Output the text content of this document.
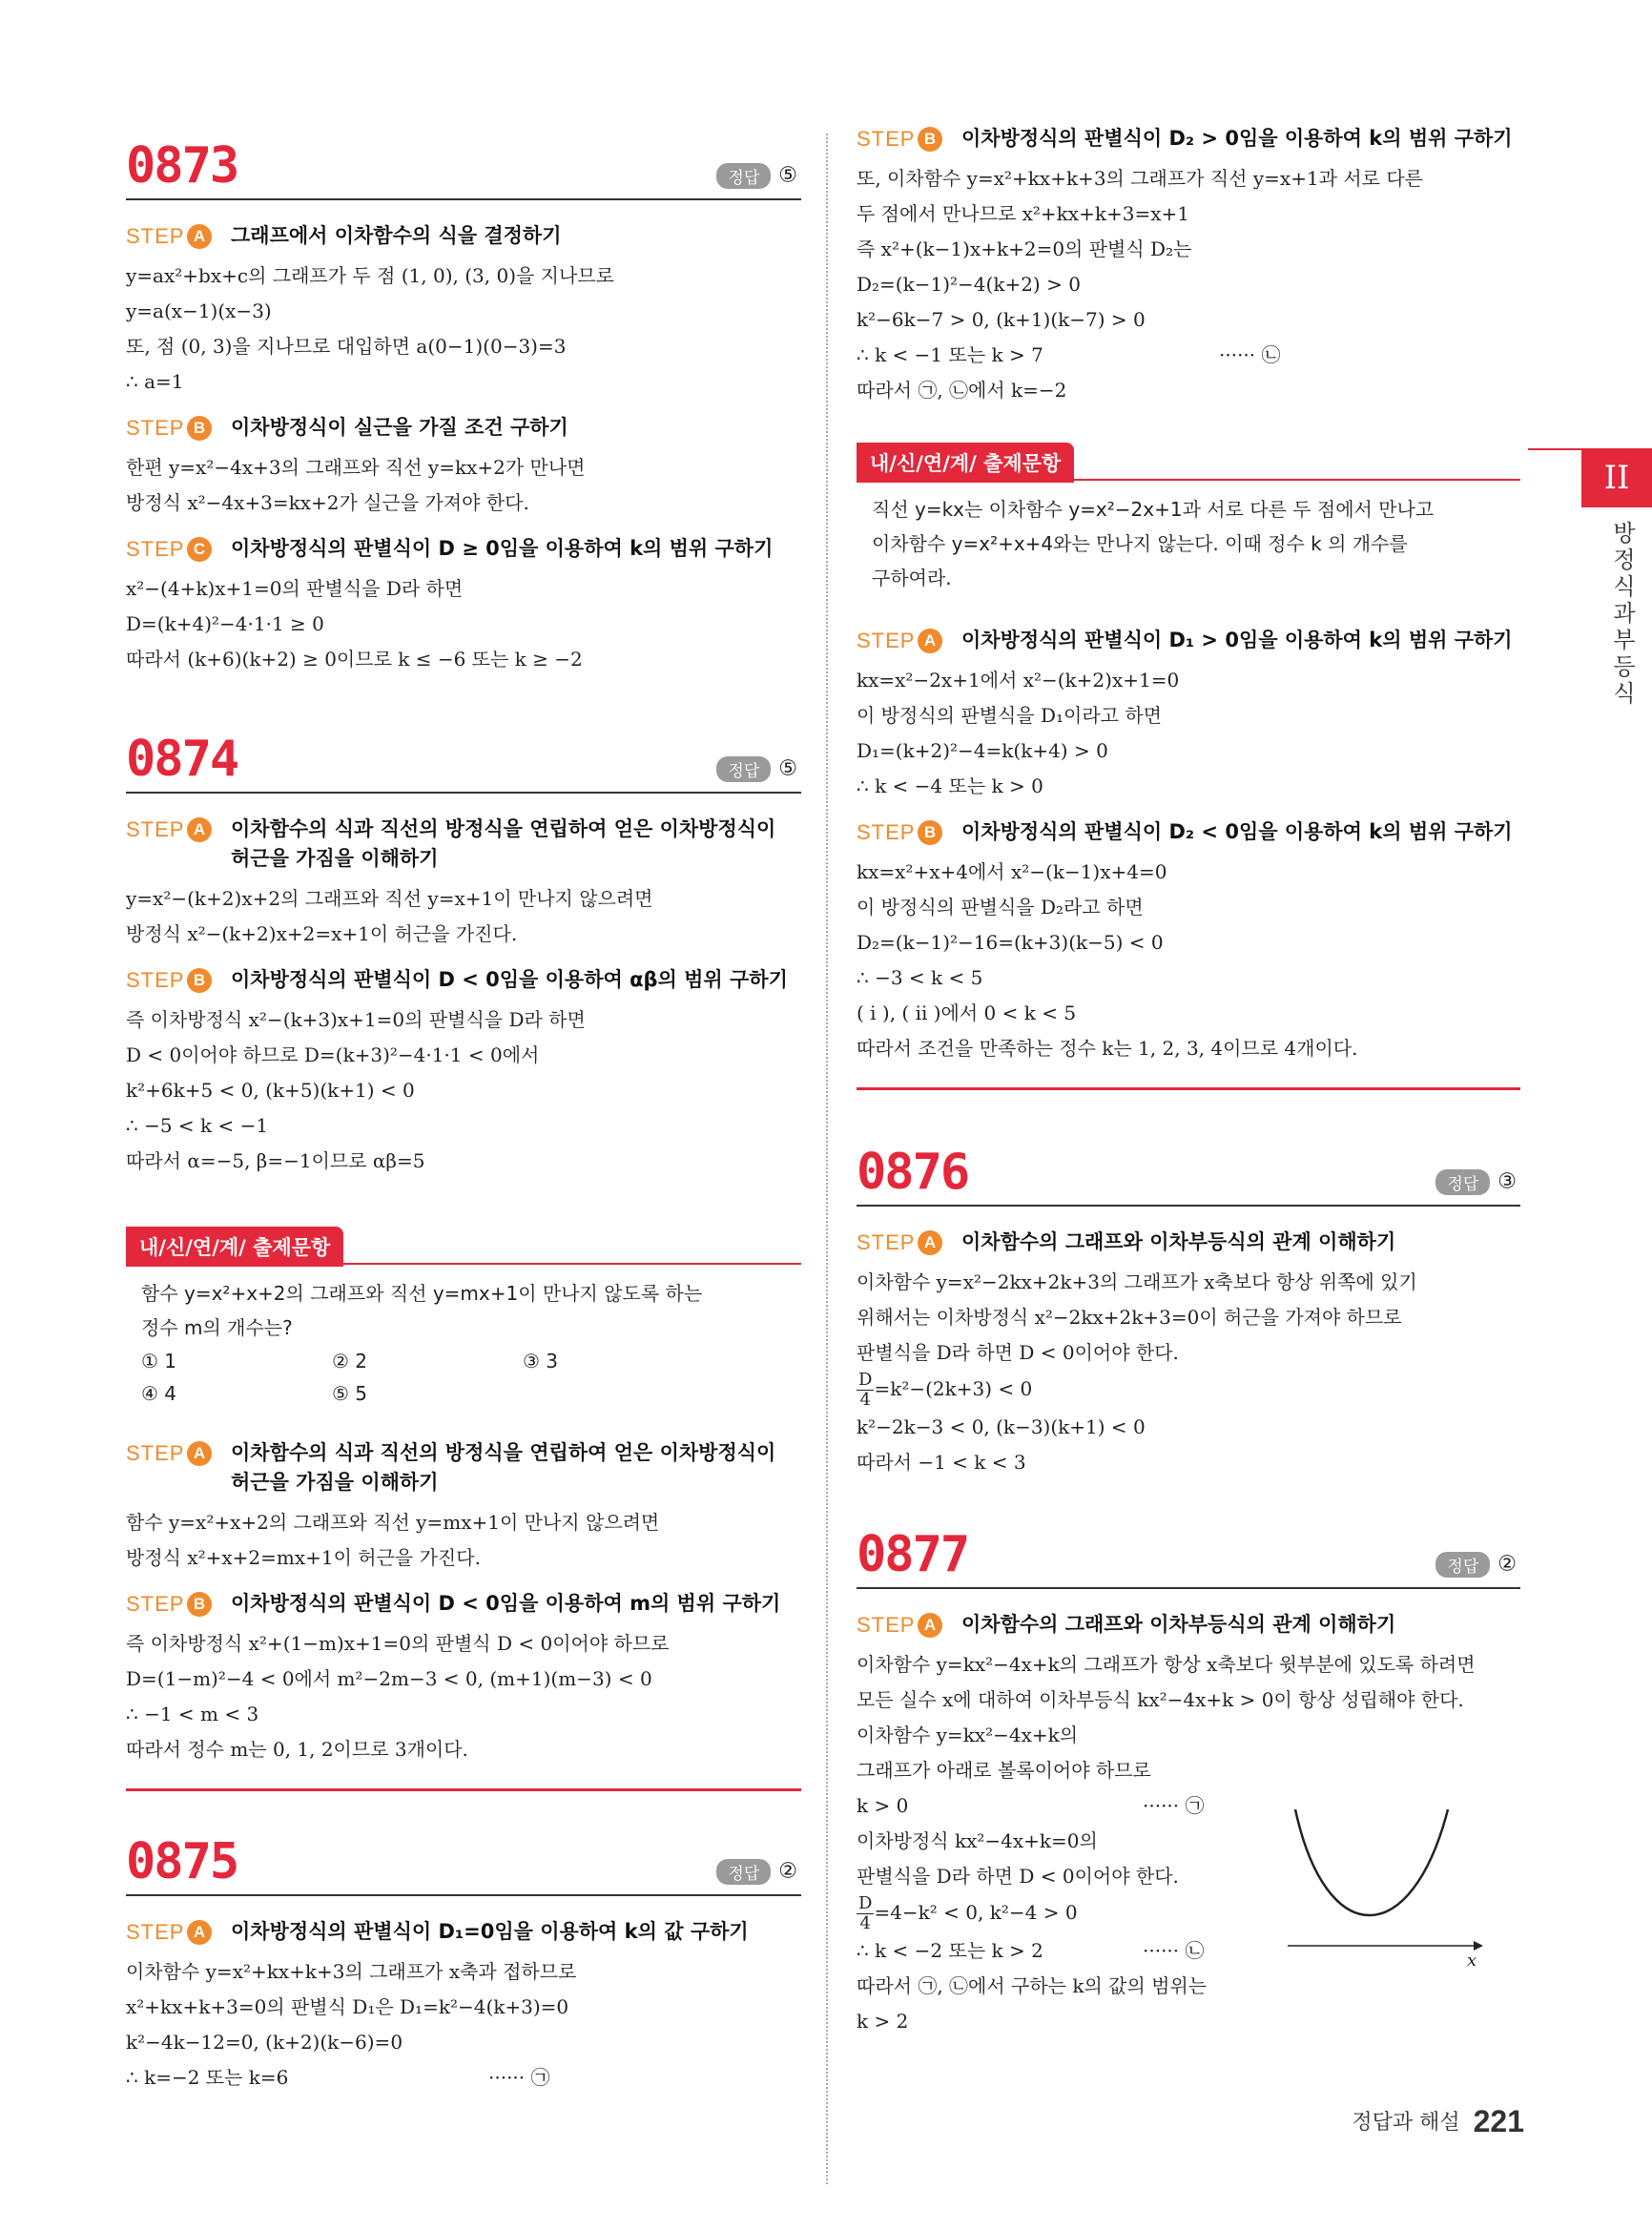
II
방정식과 부등식
0873	정답 ⑤
STEP A	그래프에서 이차함수의 식을 결정하기
y=ax²+bx+c의 그래프가 두 점 (1, 0), (3, 0)을 지나므로
y=a(x−1)(x−3)
또, 점 (0, 3)을 지나므로 대입하면 a(0−1)(0−3)=3
∴ a=1
STEP B	이차방정식이 실근을 가질 조건 구하기
한편 y=x²−4x+3의 그래프와 직선 y=kx+2가 만나면
방정식 x²−4x+3=kx+2가 실근을 가져야 한다.
STEP C	이차방정식의 판별식이 D ≥ 0임을 이용하여 k의 범위 구하기
x²−(4+k)x+1=0의 판별식을 D라 하면
D=(k+4)²−4·1·1 ≥ 0
따라서 (k+6)(k+2) ≥ 0이므로 k ≤ −6 또는 k ≥ −2
0874	정답 ⑤
STEP A	이차함수의 식과 직선의 방정식을 연립하여 얻은 이차방정식이 허근을 가짐을 이해하기
y=x²−(k+2)x+2의 그래프와 직선 y=x+1이 만나지 않으려면
방정식 x²−(k+2)x+2=x+1이 허근을 가진다.
STEP B	이차방정식의 판별식이 D < 0임을 이용하여 αβ의 범위 구하기
즉 이차방정식 x²−(k+3)x+1=0의 판별식을 D라 하면
D < 0이어야 하므로 D=(k+3)²−4·1·1 < 0에서
k²+6k+5 < 0, (k+5)(k+1) < 0
∴ −5 < k < −1
따라서 α=−5, β=−1이므로 αβ=5
내/신/연/계/ 출제문항
함수 y=x²+x+2의 그래프와 직선 y=mx+1이 만나지 않도록 하는
정수 m의 개수는?
① 1	② 2	③ 3
④ 4	⑤ 5
STEP A	이차함수의 식과 직선의 방정식을 연립하여 얻은 이차방정식이 허근을 가짐을 이해하기
함수 y=x²+x+2의 그래프와 직선 y=mx+1이 만나지 않으려면
방정식 x²+x+2=mx+1이 허근을 가진다.
STEP B	이차방정식의 판별식이 D < 0임을 이용하여 m의 범위 구하기
즉 이차방정식 x²+(1−m)x+1=0의 판별식 D < 0이어야 하므로
D=(1−m)²−4 < 0에서 m²−2m−3 < 0, (m+1)(m−3) < 0
∴ −1 < m < 3
따라서 정수 m는 0, 1, 2이므로 3개이다.
0875	정답 ②
STEP A	이차방정식의 판별식이 D₁=0임을 이용하여 k의 값 구하기
이차함수 y=x²+kx+k+3의 그래프가 x축과 접하므로
x²+kx+k+3=0의 판별식 D₁은 D₁=k²−4(k+3)=0
k²−4k−12=0, (k+2)(k−6)=0
∴ k=−2 또는 k=6	······ ㉠
STEP B	이차방정식의 판별식이 D₂ > 0임을 이용하여 k의 범위 구하기
또, 이차함수 y=x²+kx+k+3의 그래프가 직선 y=x+1과 서로 다른
두 점에서 만나므로 x²+kx+k+3=x+1
즉 x²+(k−1)x+k+2=0의 판별식 D₂는
D₂=(k−1)²−4(k+2) > 0
k²−6k−7 > 0, (k+1)(k−7) > 0
∴ k < −1 또는 k > 7	······ ㉡
따라서 ㉠, ㉡에서 k=−2
내/신/연/계/ 출제문항
직선 y=kx는 이차함수 y=x²−2x+1과 서로 다른 두 점에서 만나고
이차함수 y=x²+x+4와는 만나지 않는다. 이때 정수 k 의 개수를
구하여라.
STEP A	이차방정식의 판별식이 D₁ > 0임을 이용하여 k의 범위 구하기
kx=x²−2x+1에서 x²−(k+2)x+1=0
이 방정식의 판별식을 D₁이라고 하면
D₁=(k+2)²−4=k(k+4) > 0
∴ k < −4 또는 k > 0
STEP B	이차방정식의 판별식이 D₂ < 0임을 이용하여 k의 범위 구하기
kx=x²+x+4에서 x²−(k−1)x+4=0
이 방정식의 판별식을 D₂라고 하면
D₂=(k−1)²−16=(k+3)(k−5) < 0
∴ −3 < k < 5
( i ), ( ii )에서 0 < k < 5
따라서 조건을 만족하는 정수 k는 1, 2, 3, 4이므로 4개이다.
0876	정답 ③
STEP A	이차함수의 그래프와 이차부등식의 관계 이해하기
이차함수 y=x²−2kx+2k+3의 그래프가 x축보다 항상 위쪽에 있기
위해서는 이차방정식 x²−2kx+2k+3=0이 허근을 가져야 하므로
판별식을 D라 하면 D < 0이어야 한다.
$\frac{D}{4} =k^2-(2k+3) < 0$
k²−2k−3 < 0, (k−3)(k+1) < 0
따라서 −1 < k < 3
0877	정답 ②
STEP A	이차함수의 그래프와 이차부등식의 관계 이해하기
이차함수 y=kx²−4x+k의 그래프가 항상 x축보다 윗부분에 있도록 하려면
모든 실수 x에 대하여 이차부등식 kx²−4x+k > 0이 항상 성립해야 한다.
이차함수 y=kx²−4x+k의
그래프가 아래로 볼록이어야 하므로
k > 0	······ ㉠
이차방정식 kx²−4x+k=0의
판별식을 D라 하면 D < 0이어야 한다.
$\frac{D}{4} =4-k^2 < 0$, k²−4 > 0
∴ k < −2 또는 k > 2	······ ㉡
따라서 ㉠, ㉡에서 구하는 k의 값의 범위는
k > 2
x
정답과 해설 221
